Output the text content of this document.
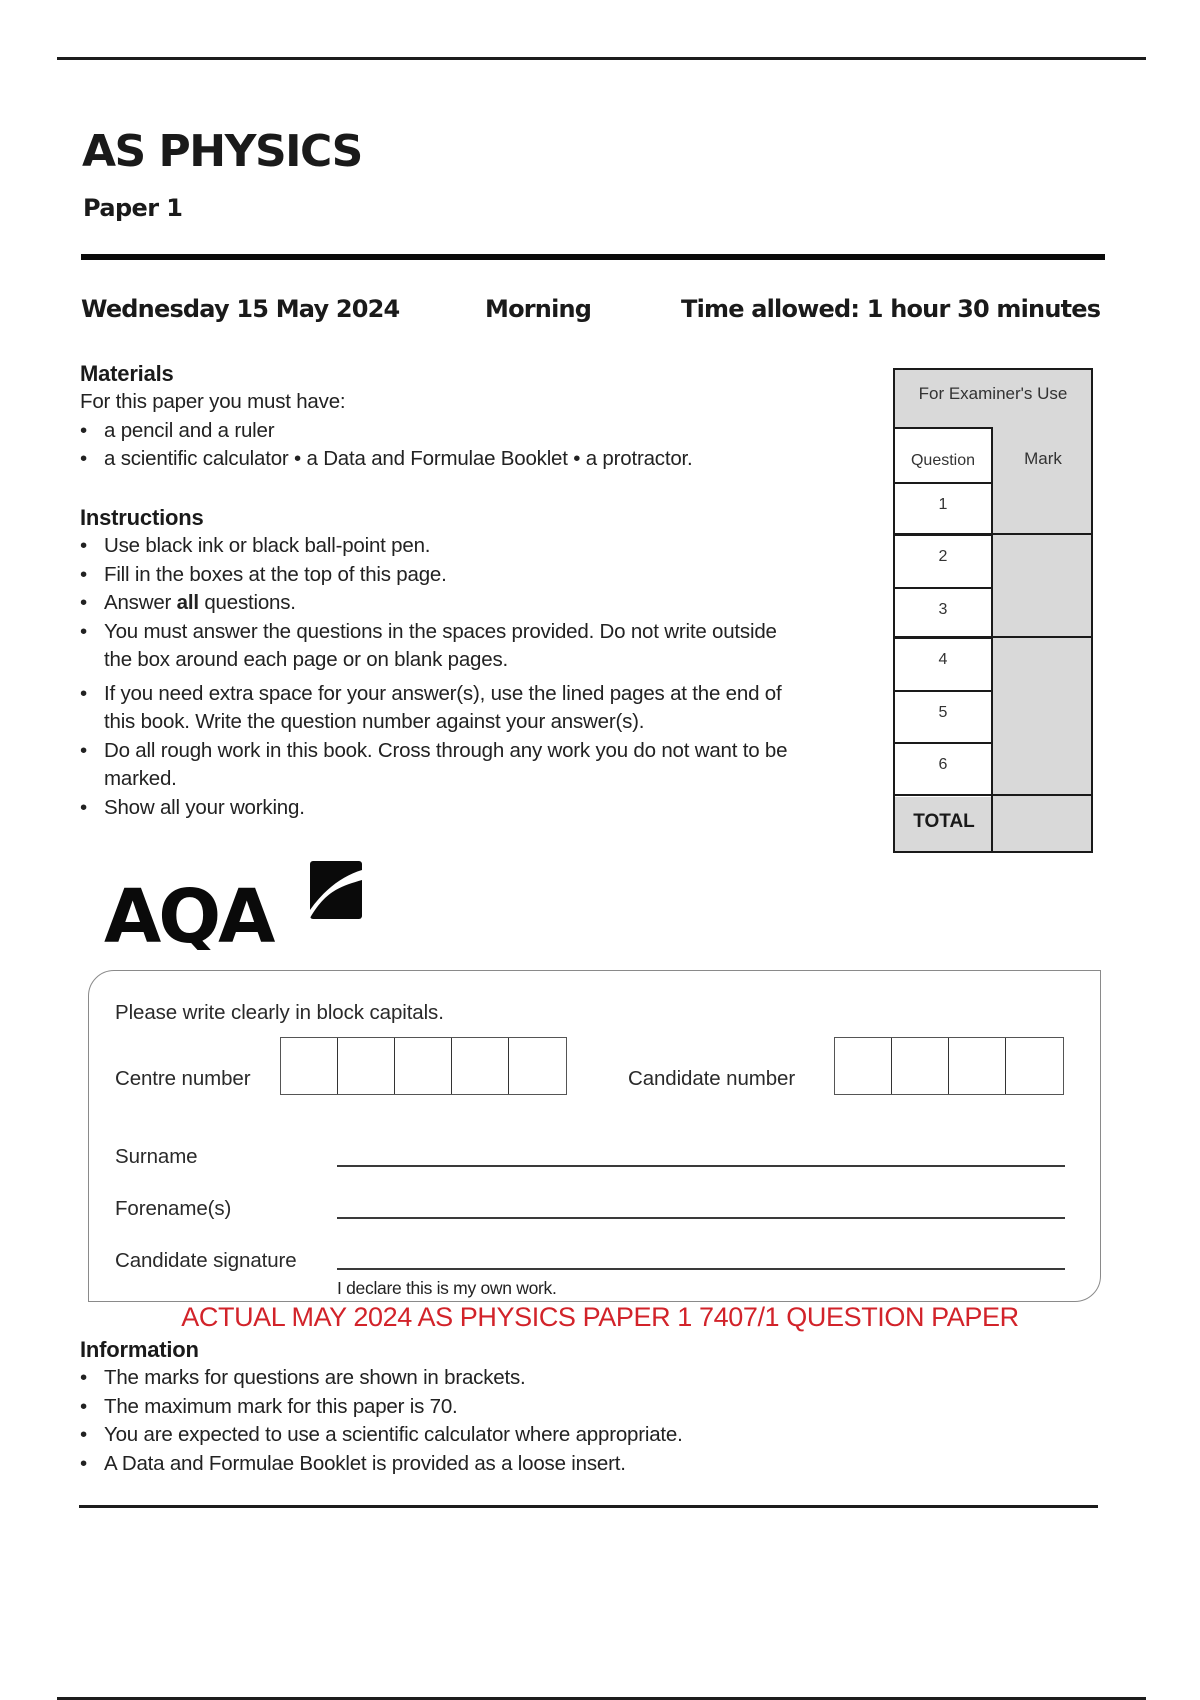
AS PHYSICS
Paper 1
Wednesday 15 May 2024	Morning	Time allowed: 1 hour 30 minutes
Materials
For this paper you must have:
• a pencil and a ruler
• a scientific calculator • a Data and Formulae Booklet • a protractor.
Instructions
• Use black ink or black ball-point pen.
• Fill in the boxes at the top of this page.
• Answer all questions.
• You must answer the questions in the spaces provided. Do not write outside
the box around each page or on blank pages.
• If you need extra space for your answer(s), use the lined pages at the end of
this book. Write the question number against your answer(s).
• Do all rough work in this book. Cross through any work you do not want to be
marked.
• Show all your working.
For Examiner's Use
Question	Mark
1
2
3
4
5
6
TOTAL
AQA
Please write clearly in block capitals.
Centre number	Candidate number
Surname
Forename(s)
Candidate signature
I declare this is my own work.
ACTUAL MAY 2024 AS PHYSICS PAPER 1 7407/1 QUESTION PAPER
Information
• The marks for questions are shown in brackets.
• The maximum mark for this paper is 70.
• You are expected to use a scientific calculator where appropriate.
• A Data and Formulae Booklet is provided as a loose insert.
